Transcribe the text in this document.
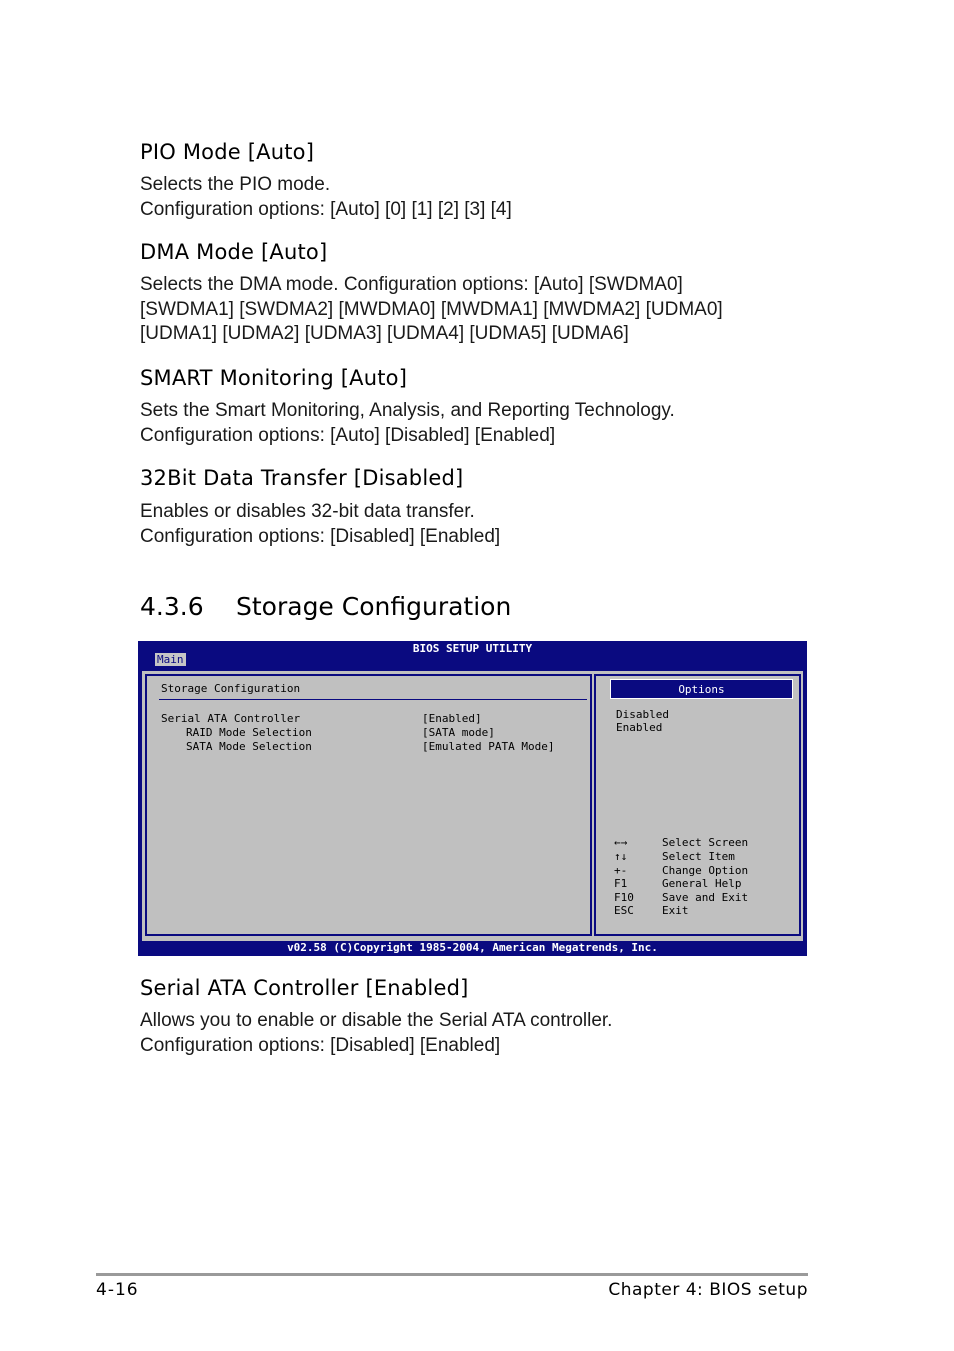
PIO Mode [Auto]

Selects the PIO mode.
Configuration options: [Auto] [0] [1] [2] [3] [4]

DMA Mode [Auto]

Selects the DMA mode. Configuration options: [Auto] [SWDMA0]
[SWDMA1] [SWDMA2] [MWDMA0] [MWDMA1] [MWDMA2] [UDMA0]
[UDMA1] [UDMA2] [UDMA3] [UDMA4] [UDMA5] [UDMA6]

SMART Monitoring [Auto]

Sets the Smart Monitoring, Analysis, and Reporting Technology.
Configuration options: [Auto] [Disabled] [Enabled]

32Bit Data Transfer [Disabled]

Enables or disables 32-bit data transfer.
Configuration options: [Disabled] [Enabled]

4.3.6 Storage Configuration
BIOS SETUP UTILITY
Main
Storage Configuration
Serial ATA Controller	[Enabled]
RAID Mode Selection	[SATA mode]
SATA Mode Selection	[Emulated PATA Mode]
Options
Disabled
Enabled
←→	Select Screen
↑↓	Select Item
+-	Change Option
F1	General Help
F10	Save and Exit
ESC	Exit
v02.58 (C)Copyright 1985-2004, American Megatrends, Inc.
Serial ATA Controller [Enabled]

Allows you to enable or disable the Serial ATA controller.
Configuration options: [Disabled] [Enabled]

4-16	Chapter 4: BIOS setup
